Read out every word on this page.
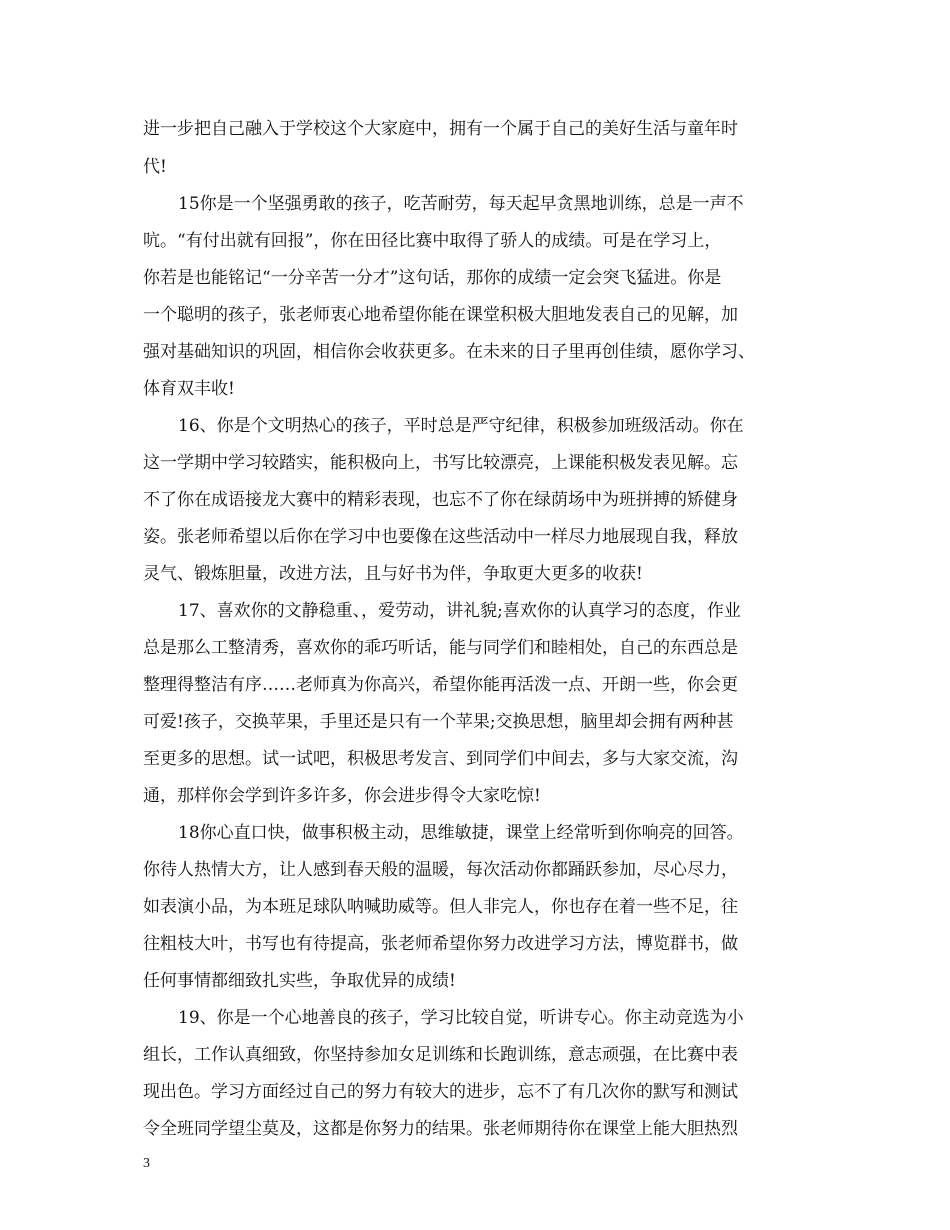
进一步把自己融入于学校这个大家庭中，拥有一个属于自己的美好生活与童年时
代!
15你是一个坚强勇敢的孩子，吃苦耐劳，每天起早贪黑地训练，总是一声不
吭。“有付出就有回报”，你在田径比赛中取得了骄人的成绩。可是在学习上，
你若是也能铭记“一分辛苦一分才”这句话，那你的成绩一定会突飞猛进。你是
一个聪明的孩子，张老师衷心地希望你能在课堂积极大胆地发表自己的见解，加
强对基础知识的巩固，相信你会收获更多。在未来的日子里再创佳绩，愿你学习、
体育双丰收!
16、你是个文明热心的孩子，平时总是严守纪律，积极参加班级活动。你在
这一学期中学习较踏实，能积极向上，书写比较漂亮，上课能积极发表见解。忘
不了你在成语接龙大赛中的精彩表现，也忘不了你在绿荫场中为班拼搏的矫健身
姿。张老师希望以后你在学习中也要像在这些活动中一样尽力地展现自我，释放
灵气、锻炼胆量，改进方法，且与好书为伴，争取更大更多的收获!
17、喜欢你的文静稳重、，爱劳动，讲礼貌;喜欢你的认真学习的态度，作业
总是那么工整清秀，喜欢你的乖巧听话，能与同学们和睦相处，自己的东西总是
整理得整洁有序……老师真为你高兴，希望你能再活泼一点、开朗一些，你会更
可爱!孩子，交换苹果，手里还是只有一个苹果;交换思想，脑里却会拥有两种甚
至更多的思想。试一试吧，积极思考发言、到同学们中间去，多与大家交流，沟
通，那样你会学到许多许多，你会进步得令大家吃惊!
18你心直口快，做事积极主动，思维敏捷，课堂上经常听到你响亮的回答。
你待人热情大方，让人感到春天般的温暖，每次活动你都踊跃参加，尽心尽力，
如表演小品，为本班足球队呐喊助威等。但人非完人，你也存在着一些不足，往
往粗枝大叶，书写也有待提高，张老师希望你努力改进学习方法，博览群书，做
任何事情都细致扎实些，争取优异的成绩!
19、你是一个心地善良的孩子，学习比较自觉，听讲专心。你主动竞选为小
组长，工作认真细致，你坚持参加女足训练和长跑训练，意志顽强，在比赛中表
现出色。学习方面经过自己的努力有较大的进步，忘不了有几次你的默写和测试
令全班同学望尘莫及，这都是你努力的结果。张老师期待你在课堂上能大胆热烈
3
